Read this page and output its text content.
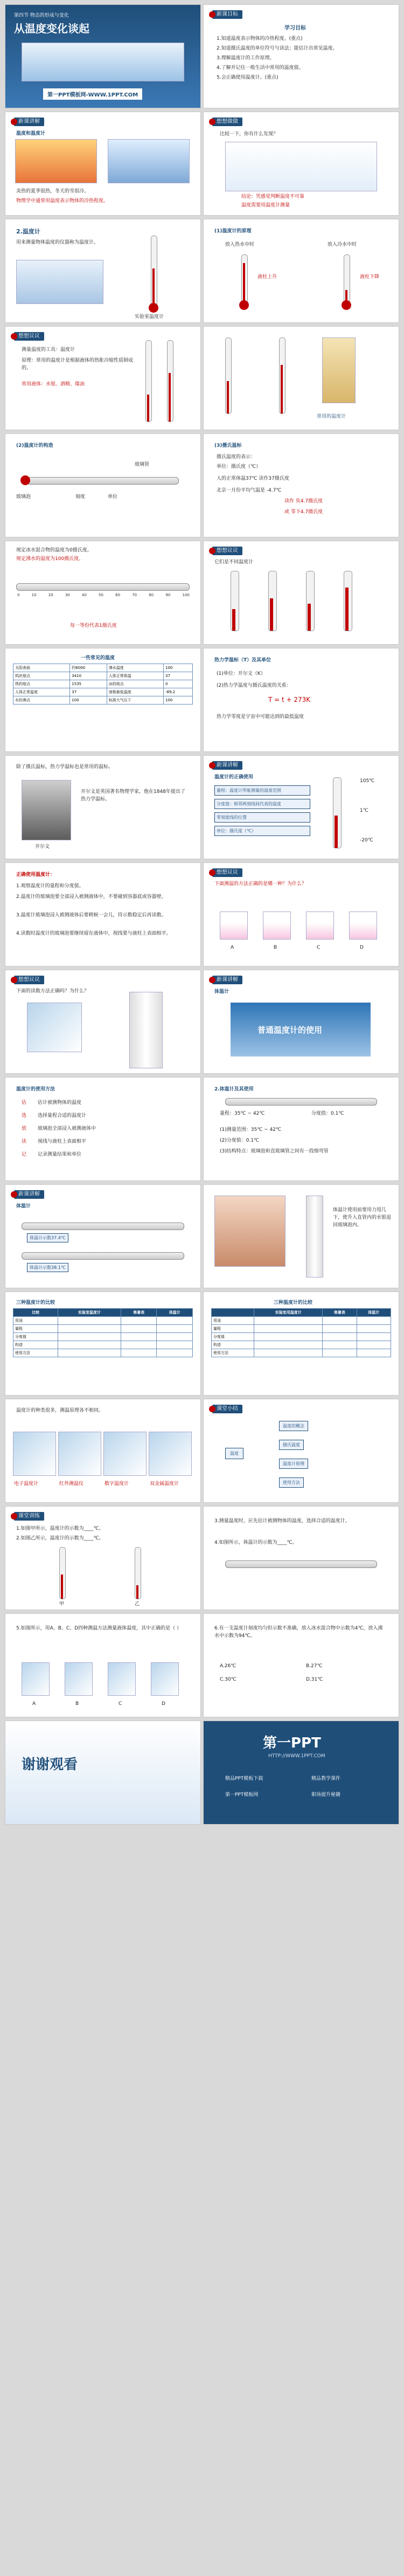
第四节 物态的形成与变化
从温度变化谈起
第一PPT模板网-WWW.1PPT.COM
新课目标
学习目标
1.知道温度表示物体的冷热程度。(重点)
2.知道摄氏温度的单位符号与读法；能估计出常见温度。
3.理解温度计的工作原理。
4.了解并记住一般生活中常用的温度值。
5.会正确使用温度计。(重点)
新课讲解
温度和温度计
炎热的夏季很热，冬天的雪很冷。
物理学中通常用温度表示物体的冷热程度。
想想做做
比较一下，你有什么发现？
结论：凭感觉判断温度不可靠
温度需要用温度计测量
2.温度计
用来测量物体温度的仪器称为温度计。
实验室温度计
(1)温度计的原理
放入热水中时	放入冷水中时
液柱上升	液柱下降
想想议议
测量温度的工具：温度计
原理：常用的温度计是根据液体的热胀冷缩性质制成的。
常用液体：水银、酒精、煤油
常用的温度计
(2)温度计的构造
玻璃泡
玻璃管
刻度	单位
(3)摄氏温标
摄氏温度的表示：
单位：摄氏度（℃）
人的正常体温37℃ 读作37摄氏度
北京一月份平均气温是 -4.7℃
读作 负4.7摄氏度
或 零下4.7摄氏度
规定冰水混合物的温度为0摄氏度。
规定沸水的温度为100摄氏度。
0	10	20	30	40	50	60	70	80	90	100
每一等份代表1摄氏度
想想议议
它们是不同温度计
一些常见的温度
太阳表面	约6000	沸水温度	100
钨丝熔点	3410	人体正常体温	37
铁的熔点	1535	冰的熔点	0
人体正常温度	37	南极最低温度	-89.2
水的沸点	100	标准大气压下	100
热力学温标（T）及其单位
(1)单位：开尔文（K）
(2)热力学温度与摄氏温度的关系：
T = t + 273K
热力学零度是宇宙中可能达到的最低温度
除了摄氏温标，热力学温标也是常用的温标。
开尔文
开尔文是英国著名物理学家，他在1848年提出了热力学温标。
新课讲解
温度计的正确使用
量程：温度计所能测量的温度范围
分度值：相邻两刻线间代表的温度
零刻度线的位置
单位：摄氏度（℃）
105℃
-20℃
1℃
正确使用温度计：
1.观察温度计的量程和分度值。
2.温度计的玻璃泡要全部浸入被测液体中，不要碰到容器底或容器壁。
3.温度计玻璃泡浸入被测液体后要稍候一会儿，待示数稳定后再读数。
4.读数时温度计的玻璃泡要继续留在液体中，视线要与液柱上表面相平。
想想议议
下面测温的方法正确的是哪一种？为什么？
A	B	C	D
想想议议
下面的读数方法正确吗？为什么？
新课讲解
体温计
普通温度计的使用
温度计的使用方法
估
选
放
读
记
估计被测物体的温度
选择量程合适的温度计
玻璃泡全部浸入被测液体中
视线与液柱上表面相平
记录测量结果和单位
2.体温计及其使用
量程：35℃ ~ 42℃	分度值：0.1℃
(1)测量范围：35℃ ~ 42℃
(2)分度值：0.1℃
(3)结构特点：玻璃泡和直玻璃管之间有一段细弯管
新课讲解
体温计
体温计示数37.4℃
体温计示数38.1℃
体温计使用前要用力甩几下，使升入直管内的水银退回玻璃泡内。
三种温度计的比较
比较	实验室温度计	寒暑表	体温计
用途			
量程			
分度值			
构造			
使用方法			
三种温度计的比较
	实验室用温度计	寒暑表	体温计
用途			
量程			
分度值			
构造			
使用方法			
温度计的种类很多，测温原理各不相同。
电子温度计	红外测温仪	数字温度计	双金属温度计
课堂小结
温度
温度的概念
摄氏温度
温度计原理
使用方法
课堂训练
1.如图甲所示，温度计的示数为____℃。
2.如图乙所示，温度计的示数为____℃。
甲	乙
3.测量温度时，应先估计被测物体的温度，选择合适的温度计。
4.如图所示，体温计的示数为____℃。
5.如图所示，用A、B、C、D四种测温方法测量液体温度，其中正确的是（ ）
A	B	C	D
6.有一支温度计刻度均匀但示数不准确，放入冰水混合物中示数为4℃，放入沸水中示数为94℃。
A.26℃	B.27℃
C.30℃	D.31℃
谢谢观看
第一PPT
HTTP://WWW.1PPT.COM
精品PPT模板下载	精品教学课件
第一PPT模板网	职场提升秘籍
